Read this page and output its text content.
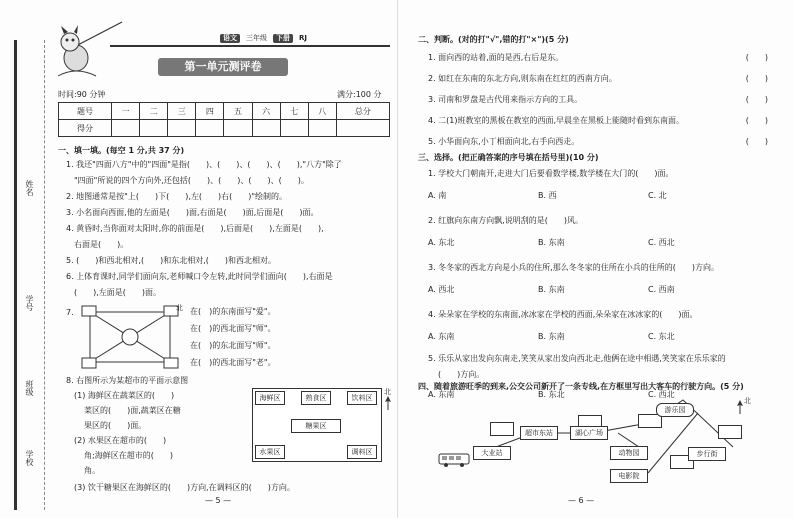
姓名
学号
班级
学校
语文	三年级	下册	RJ
第一单元测评卷
时间:90 分钟	满分:100 分
题号	一	二	三	四	五	六	七	八	总分
得分									
一、填一填。(每空 1 分,共 37 分)
1. 我还"四面八方"中的"四面"是指(　　)、(　　)、(　　)、(　　),"八方"除了
"四面"所说的四个方向外,还包括(　　)、(　　)、(　　)、(　　)。
2. 地图通常是按"上(　　)下(　　),左(　　)右(　　)"绘制的。
3. 小名面向西面,他的左面是(　　)面,右面是(　　)面,后面是(　　)面。
4. 黄昏时,当你面对太阳时,你的前面是(　　),后面是(　　),左面是(　　),
右面是(　　)。
5. (　　)和西北相对,(　　)和东北相对,(　　)和西北相对。
6. 上体育课时,同学们面向东,老师喊口令左转,此时同学们面向(　　),右面是
(　　),左面是(　　)面。
7.	北 在(　)的东南面写"爱"。
在(　)的西北面写"师"。
在(　)的东北面写"师"。
在(　)的西北面写"老"。
8. 右图所示为某超市的平面示意图
(1) 海鲜区在蔬菜区的(　　)
菜区的(　　)面,蔬菜区在糖
果区的(　　)面。
(2) 水果区在超市的(　　)
角;海鲜区在超市的(　　)
角。
(3) 饮干糖果区在海鲜区的(　　)方向,在调料区的(　　)方向。
海鲜区	熟食区	饮料区
糖果区
水果区	调料区
北
— 5 —
二、判断。(对的打"√",错的打"×")(5 分)
1. 面向西的站着,面的是西,右后是东。	(　　)
2. 如红在东南的东北方向,则东南在红红的西南方向。	(　　)
3. 司南和罗盘是古代用来指示方向的工具。	(　　)
4. 二(1)班教室的黑板在教室的西面,早晨坐在黑板上能随时看到东南面。	(　　)
5. 小华面向东,小丁相面向北,右手向西走。	(　　)
三、选择。(把正确答案的序号填在括号里)(10 分)
1. 学校大门朝南开,走进大门后要看数学楼,数学楼在大门的(　　)面。
A. 南	B. 西	C. 北
2. 红旗向东南方向飘,说明刮的是(　　)风。
A. 东北	B. 东南	C. 西北
3. 冬冬家的西北方向是小兵的住所,那么冬冬家的住所在小兵的住所的(　　)方向。
A. 西北	B. 东南	C. 西南
4. 朵朵家在学校的东南面,冰冰家在学校的西面,朵朵家在冰冰家的(　　)面。
A. 东南	B. 东南	C. 东北
5. 乐乐从家出发向东南走,笑笑从家出发向西北走,他俩在途中相遇,笑笑家在乐乐家的
(　　)方向。
A. 东南	B. 东北	C. 西北
四、随着旅游旺季的到来,公交公司新开了一条专线,在方框里写出大客车的行驶方向。(5 分)
大业站
超市东站	湖心广场
动物园
电影院
步行街
游乐园
北
— 6 —
